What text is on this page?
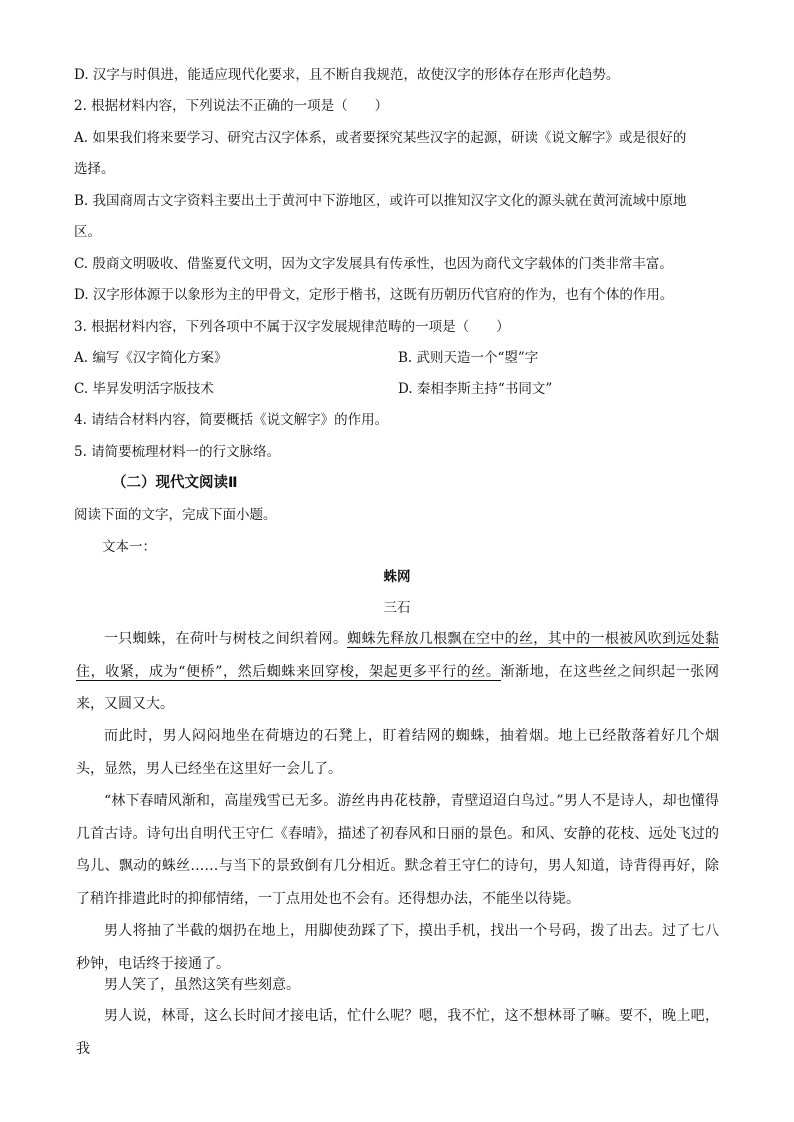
D. 汉字与时俱进，能适应现代化要求，且不断自我规范，故使汉字的形体存在形声化趋势。
2. 根据材料内容，下列说法不正确的一项是（　　）
A. 如果我们将来要学习、研究古汉字体系，或者要探究某些汉字的起源，研读《说文解字》或是很好的
选择。
B. 我国商周古文字资料主要出土于黄河中下游地区，或许可以推知汉字文化的源头就在黄河流域中原地
区。
C. 殷商文明吸收、借鉴夏代文明，因为文字发展具有传承性，也因为商代文字载体的门类非常丰富。
D. 汉字形体源于以象形为主的甲骨文，定形于楷书，这既有历朝历代官府的作为，也有个体的作用。
3. 根据材料内容，下列各项中不属于汉字发展规律范畴的一项是（　　）
A. 编写《汉字简化方案》	B. 武则天造一个“曌”字
C. 毕昇发明活字版技术	D. 秦相李斯主持“书同文”
4. 请结合材料内容，简要概括《说文解字》的作用。
5. 请简要梳理材料一的行文脉络。
（二）现代文阅读Ⅱ
阅读下面的文字，完成下面小题。
文本一：
蛛网
三石
一只蜘蛛，在荷叶与树枝之间织着网。蜘蛛先释放几根飘在空中的丝，其中的一根被风吹到远处黏住，收紧，成为“便桥”，然后蜘蛛来回穿梭，架起更多平行的丝。渐渐地，在这些丝之间织起一张网来，又圆又大。
而此时，男人闷闷地坐在荷塘边的石凳上，盯着结网的蜘蛛，抽着烟。地上已经散落着好几个烟头，显然，男人已经坐在这里好一会儿了。
“林下春晴风渐和，高崖残雪已无多。游丝冉冉花枝静，青壁迢迢白鸟过。”男人不是诗人，却也懂得几首古诗。诗句出自明代王守仁《春晴》，描述了初春风和日丽的景色。和风、安静的花枝、远处飞过的鸟儿、飘动的蛛丝……与当下的景致倒有几分相近。默念着王守仁的诗句，男人知道，诗背得再好，除了稍许排遣此时的抑郁情绪，一丁点用处也不会有。还得想办法，不能坐以待毙。
男人将抽了半截的烟扔在地上，用脚使劲踩了下，摸出手机，找出一个号码，拨了出去。过了七八秒钟，电话终于接通了。
男人笑了，虽然这笑有些刻意。
男人说，林哥，这么长时间才接电话，忙什么呢？嗯，我不忙，这不想林哥了嘛。要不，晚上吧，我
